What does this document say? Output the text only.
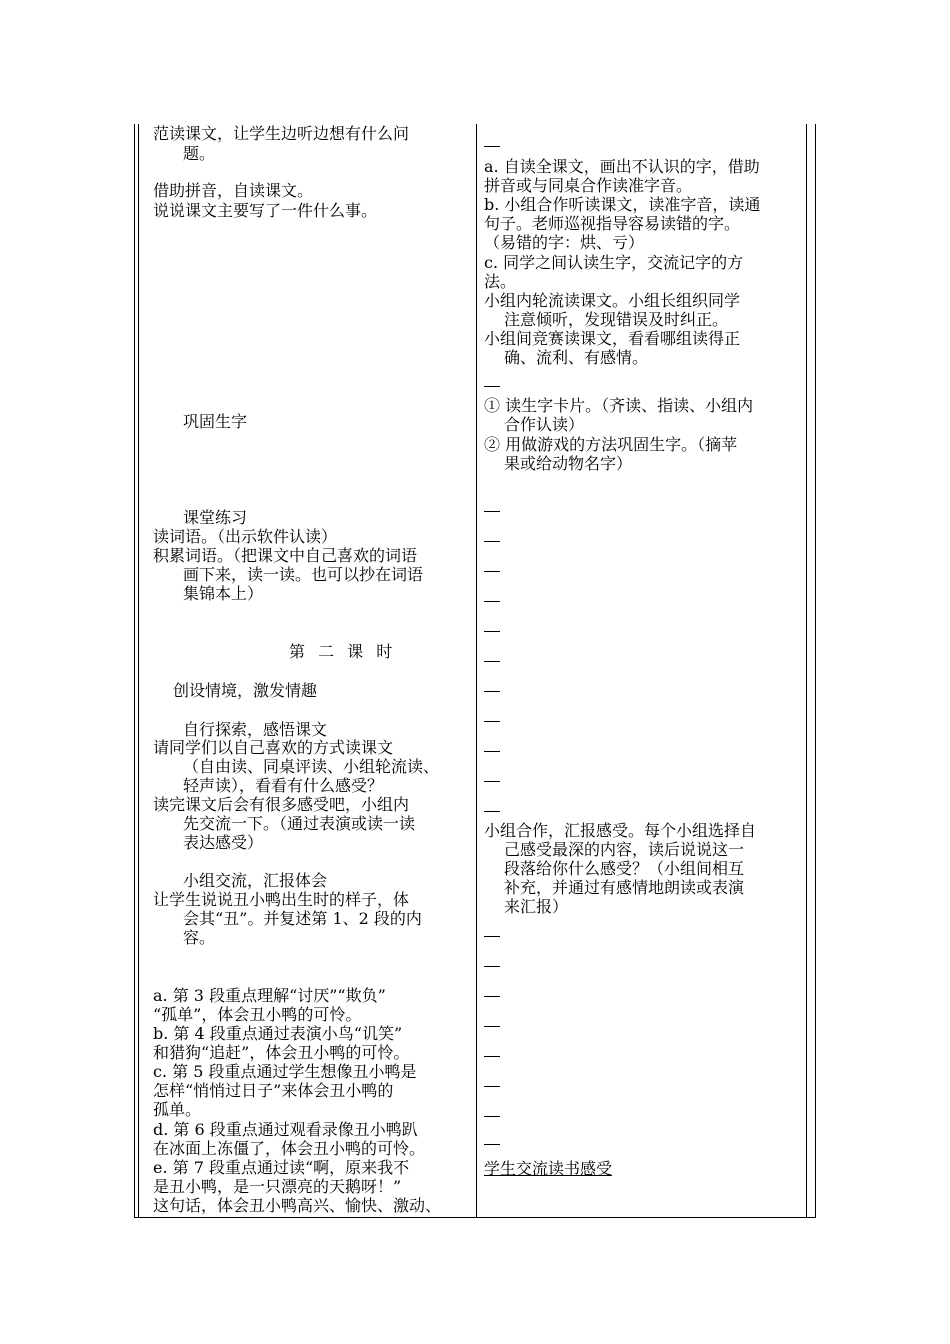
范读课文，让学生边听边想有什么问
题。
借助拼音，自读课文。
说说课文主要写了一件什么事。
巩固生字
课堂练习
读词语。（出示软件认读）
积累词语。（把课文中自己喜欢的词语
画下来，读一读。也可以抄在词语
集锦本上）
第 二 课 时
创设情境，激发情趣
自行探索，感悟课文
请同学们以自己喜欢的方式读课文
（自由读、同桌评读、小组轮流读、
轻声读），看看有什么感受？
读完课文后会有很多感受吧，小组内
先交流一下。（通过表演或读一读
表达感受）
小组交流，汇报体会
让学生说说丑小鸭出生时的样子，体
会其“丑”。并复述第 1、2 段的内
容。
a. 第 3 段重点理解“讨厌”“欺负”
“孤单”，体会丑小鸭的可怜。
b. 第 4 段重点通过表演小鸟“讥笑”
和猎狗“追赶”，体会丑小鸭的可怜。
c. 第 5 段重点通过学生想像丑小鸭是
怎样“悄悄过日子”来体会丑小鸭的
孤单。
d. 第 6 段重点通过观看录像丑小鸭趴
在冰面上冻僵了，体会丑小鸭的可怜。
e. 第 7 段重点通过读“啊，原来我不
是丑小鸭，是一只漂亮的天鹅呀！”
这句话，体会丑小鸭高兴、愉快、激动、
a. 自读全课文，画出不认识的字，借助
拼音或与同桌合作读准字音。
b. 小组合作听读课文，读准字音，读通
句子。老师巡视指导容易读错的字。
（易错的字：烘、亏）
c. 同学之间认读生字，交流记字的方
法。
小组内轮流读课文。小组长组织同学
注意倾听，发现错误及时纠正。
小组间竞赛读课文，看看哪组读得正
确、流利、有感情。
① 读生字卡片。（齐读、指读、小组内
合作认读）
② 用做游戏的方法巩固生字。（摘苹
果或给动物名字）
小组合作，汇报感受。每个小组选择自
己感受最深的内容，读后说说这一
段落给你什么感受？（小组间相互
补充，并通过有感情地朗读或表演
来汇报）
学生交流读书感受
